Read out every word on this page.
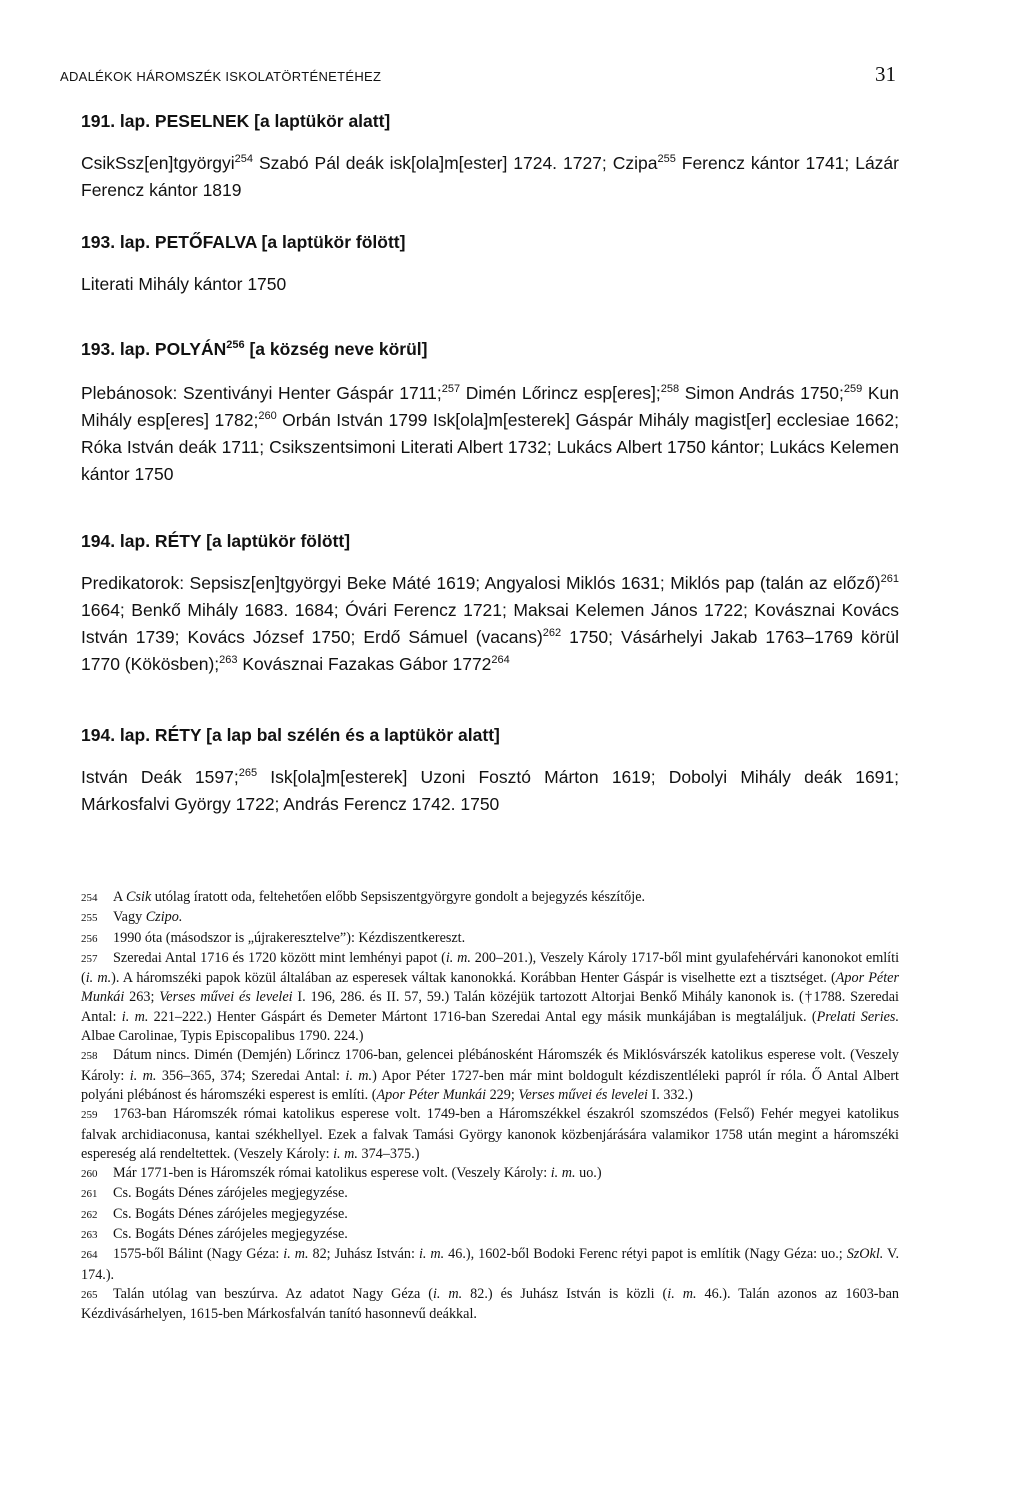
ADALÉKOK HÁROMSZÉK ISKOLATÖRTÉNETÉHEZ	31
191. lap. PESELNEK [a laptükör alatt]
CsikSsz[en]tgyörgyi$^{254}$ Szabó Pál deák isk[ola]m[ester] 1724. 1727; Czipa$^{255}$ Ferencz kántor 1741; Lázár Ferencz kántor 1819
193. lap. PETŐFALVA [a laptükör fölött]
Literati Mihály kántor 1750
193. lap. POLYÁN$^{256}$ [a község neve körül]
Plebánosok: Szentiványi Henter Gáspár 1711;$^{257}$ Dimén Lőrincz esp[eres];$^{258}$ Simon András 1750;$^{259}$ Kun Mihály esp[eres] 1782;$^{260}$ Orbán István 1799 Isk[ola]m[esterek] Gáspár Mihály magist[er] ecclesiae 1662; Róka István deák 1711; Csikszentsimoni Literati Albert 1732; Lukács Albert 1750 kántor; Lukács Kelemen kántor 1750
194. lap. RÉTY [a laptükör fölött]
Predikatorok: Sepsisz[en]tgyörgyi Beke Máté 1619; Angyalosi Miklós 1631; Miklós pap (talán az előző)$^{261}$ 1664; Benkő Mihály 1683. 1684; Óvári Ferencz 1721; Maksai Kelemen János 1722; Kovásznai Kovács István 1739; Kovács József 1750; Erdő Sámuel (vacans)$^{262}$ 1750; Vásárhelyi Jakab 1763–1769 körül 1770 (Kökösben);$^{263}$ Kovásznai Fazakas Gábor 1772$^{264}$
194. lap. RÉTY [a lap bal szélén és a laptükör alatt]
István Deák 1597;$^{265}$ Isk[ola]m[esterek] Uzoni Fosztó Márton 1619; Dobolyi Mihály deák 1691; Márkosfalvi György 1722; András Ferencz 1742. 1750

254 A Csik utólag íratott oda, feltehetően előbb Sepsiszentgyörgyre gondolt a bejegyzés készítője.

255 Vagy Czipo.

256 1990 óta (másodszor is „újrakeresztelve”): Kézdiszentkereszt.

257 Szeredai Antal 1716 és 1720 között mint lemhényi papot (i. m. 200–201.), Veszely Károly 1717-ből mint gyulafehérvári kanonokot említi (i. m.). A háromszéki papok közül általában az esperesek váltak kanonokká. Korábban Henter Gáspár is viselhette ezt a tisztséget. (Apor Péter Munkái 263; Verses művei és levelei I. 196, 286. és II. 57, 59.) Talán közéjük tartozott Altorjai Benkő Mihály kanonok is. (†1788. Szeredai Antal: i. m. 221–222.) Henter Gáspárt és Demeter Mártont 1716-ban Szeredai Antal egy másik munkájában is megtaláljuk. (Prelati Series. Albae Carolinae, Typis Episcopalibus 1790. 224.)

258 Dátum nincs. Dimén (Demjén) Lőrincz 1706-ban, gelencei plébánosként Háromszék és Miklósvárszék katolikus esperese volt. (Veszely Károly: i. m. 356–365, 374; Szeredai Antal: i. m.) Apor Péter 1727-ben már mint boldogult kézdiszentléleki papról ír róla. Ő Antal Albert polyáni plébánost és háromszéki esperest is említi. (Apor Péter Munkái 229; Verses művei és levelei I. 332.)

259 1763-ban Háromszék római katolikus esperese volt. 1749-ben a Háromszékkel északról szomszédos (Felső) Fehér megyei katolikus falvak archidiaconusa, kantai székhellyel. Ezek a falvak Tamási György kanonok közbenjárására valamikor 1758 után megint a háromszéki espereség alá rendeltettek. (Veszely Károly: i. m. 374–375.)

260 Már 1771-ben is Háromszék római katolikus esperese volt. (Veszely Károly: i. m. uo.)

261 Cs. Bogáts Dénes zárójeles megjegyzése.

262 Cs. Bogáts Dénes zárójeles megjegyzése.

263 Cs. Bogáts Dénes zárójeles megjegyzése.

264 1575-ből Bálint (Nagy Géza: i. m. 82; Juhász István: i. m. 46.), 1602-ből Bodoki Ferenc rétyi papot is említik (Nagy Géza: uo.; SzOkl. V. 174.).

265 Talán utólag van beszúrva. Az adatot Nagy Géza (i. m. 82.) és Juhász István is közli (i. m. 46.). Talán azonos az 1603-ban Kézdivásárhelyen, 1615-ben Márkosfalván tanító hasonnevű deákkal.
